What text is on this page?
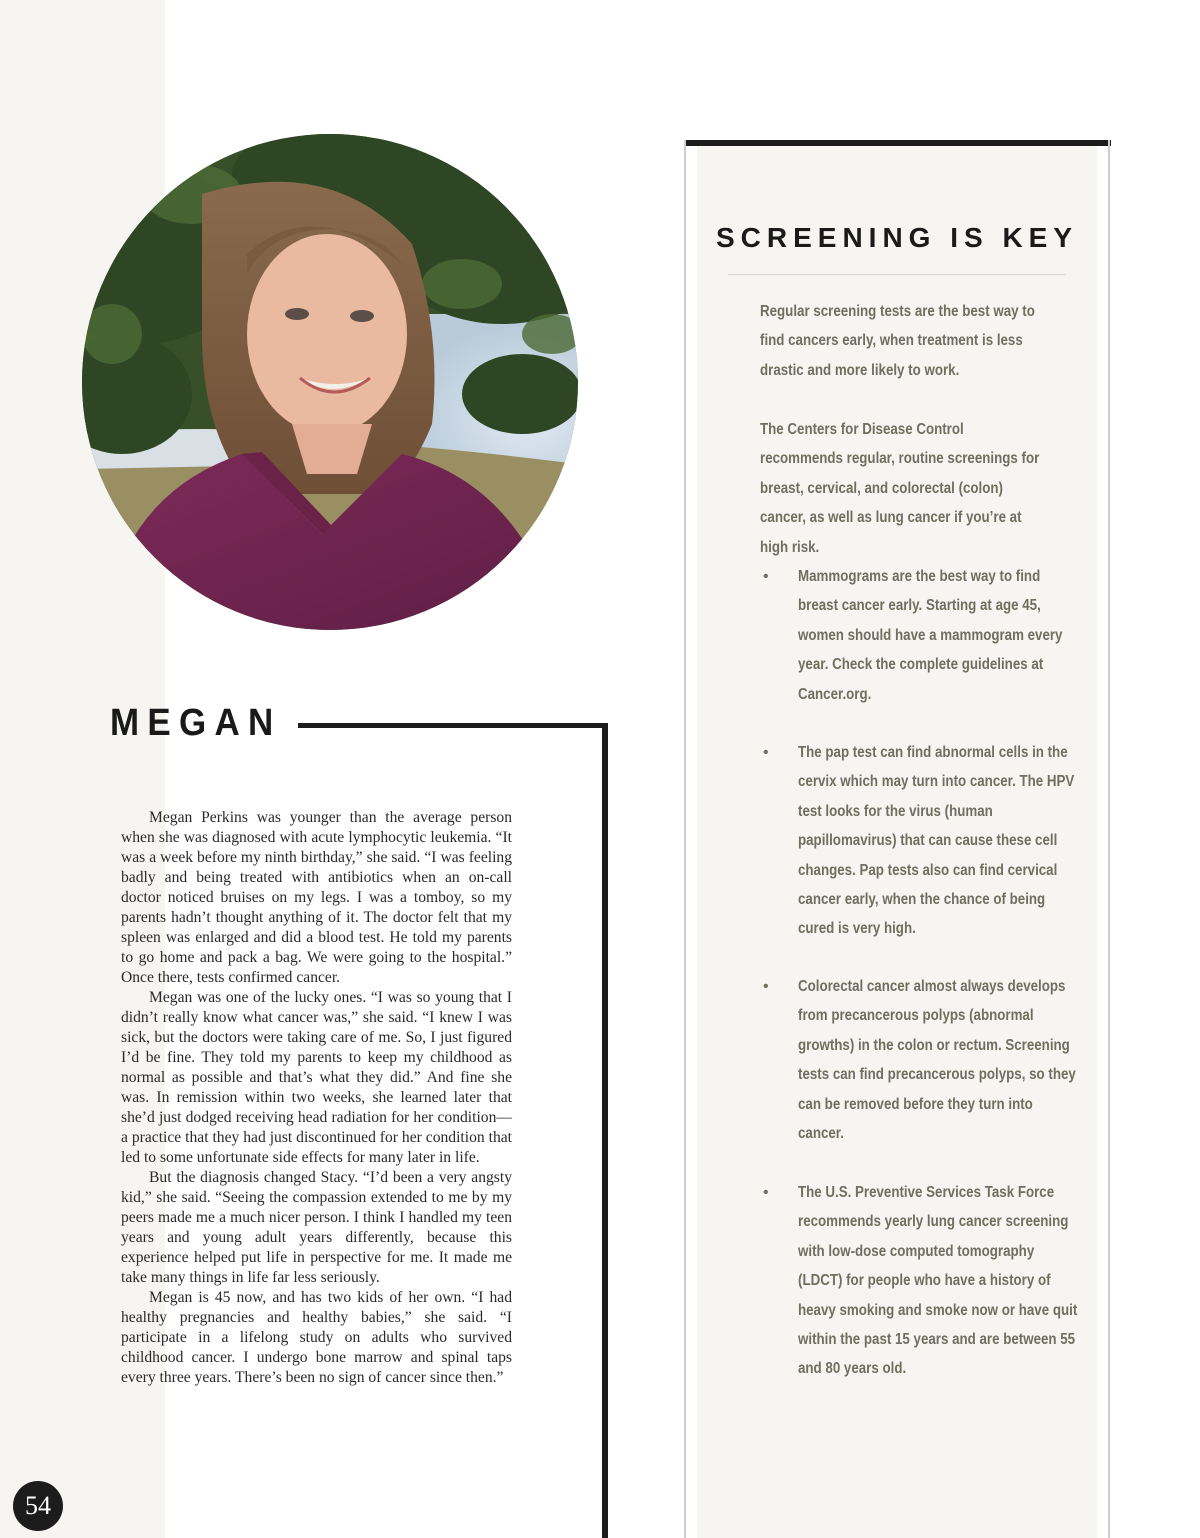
MEGAN

Megan Perkins was younger than the average person when she was diagnosed with acute lymphocytic leukemia. “It was a week before my ninth birthday,” she said. “I was feeling badly and being treated with antibiotics when an on-call doctor noticed bruises on my legs. I was a tomboy, so my parents hadn’t thought anything of it. The doctor felt that my spleen was enlarged and did a blood test. He told my parents to go home and pack a bag. We were going to the hospital.” Once there, tests confirmed cancer.

Megan was one of the lucky ones. “I was so young that I didn’t really know what cancer was,” she said. “I knew I was sick, but the doctors were taking care of me. So, I just figured I’d be fine. They told my parents to keep my childhood as normal as possible and that’s what they did.” And fine she was. In remission within two weeks, she learned later that she’d just dodged receiving head radiation for her condition—a practice that they had just discontinued for her condition that led to some unfortunate side effects for many later in life.

But the diagnosis changed Stacy. “I’d been a very angsty kid,” she said. “Seeing the compassion extended to me by my peers made me a much nicer person. I think I handled my teen years and young adult years differently, because this experience helped put life in perspective for me. It made me take many things in life far less seriously.

Megan is 45 now, and has two kids of her own. “I had healthy pregnancies and healthy babies,” she said. “I participate in a lifelong study on adults who survived childhood cancer. I undergo bone marrow and spinal taps every three years. There’s been no sign of cancer since then.”

54
SCREENING IS KEY

Regular screening tests are the best way to find cancers early, when treatment is less drastic and more likely to work.

The Centers for Disease Control recommends regular, routine screenings for breast, cervical, and colorectal (colon) cancer, as well as lung cancer if you’re at high risk.

• Mammograms are the best way to find breast cancer early. Starting at age 45, women should have a mammogram every year. Check the complete guidelines at Cancer.org.
• The pap test can find abnormal cells in the cervix which may turn into cancer. The HPV test looks for the virus (human papillomavirus) that can cause these cell changes. Pap tests also can find cervical cancer early, when the chance of being cured is very high.
• Colorectal cancer almost always develops from precancerous polyps (abnormal growths) in the colon or rectum. Screening tests can find precancerous polyps, so they can be removed before they turn into cancer.
• The U.S. Preventive Services Task Force recommends yearly lung cancer screening with low-dose computed tomography (LDCT) for people who have a history of heavy smoking and smoke now or have quit within the past 15 years and are between 55 and 80 years old.
